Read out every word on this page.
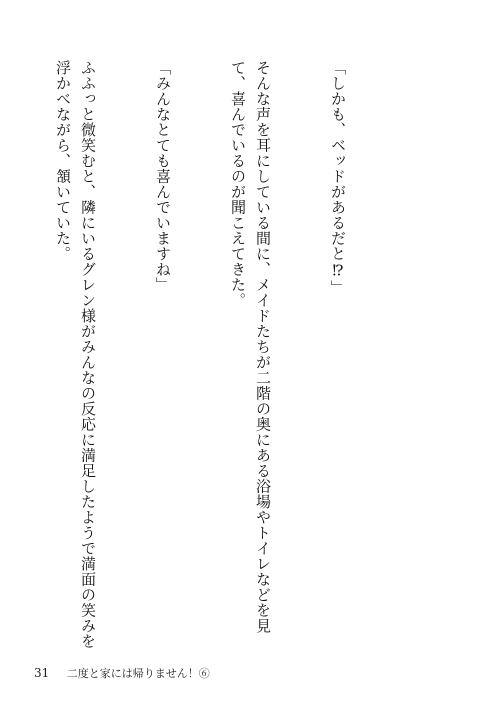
「しかも、ベッドがあるだと⁉」

そんな声を耳にしている間に、メイドたちが二階の奥にある浴場やトイレなどを見て、喜んでいるのが聞こえてきた。

「みんなとても喜んでいますね」

ふふっと微笑むと、隣にいるグレン様がみんなの反応に満足したようで満面の笑みを浮かべながら、頷いていた。

31 二度と家には帰りません！⑥
